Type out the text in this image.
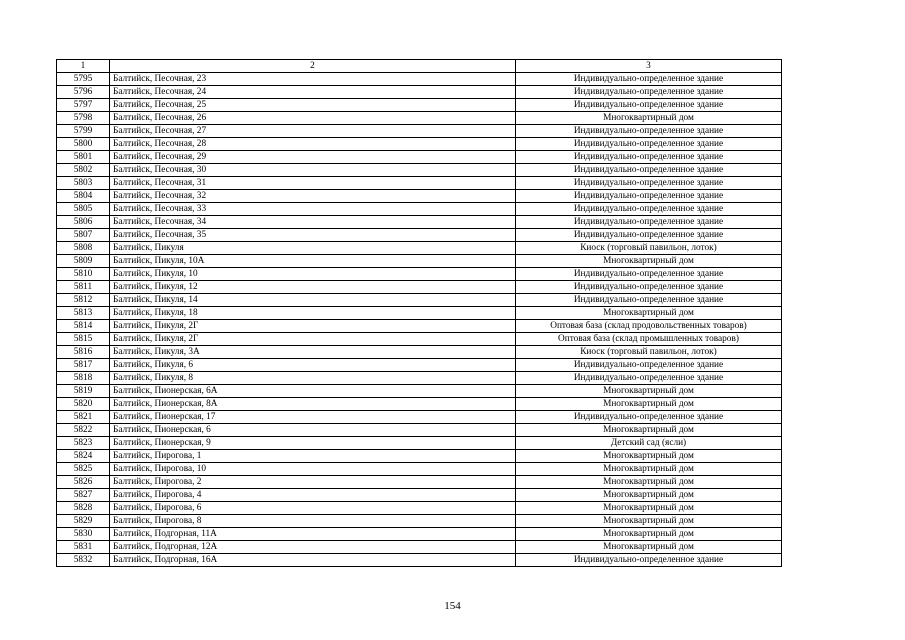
1	2	3
5795	Балтийск, Песочная, 23	Индивидуально-определенное здание
5796	Балтийск, Песочная, 24	Индивидуально-определенное здание
5797	Балтийск, Песочная, 25	Индивидуально-определенное здание
5798	Балтийск, Песочная, 26	Многоквартирный дом
5799	Балтийск, Песочная, 27	Индивидуально-определенное здание
5800	Балтийск, Песочная, 28	Индивидуально-определенное здание
5801	Балтийск, Песочная, 29	Индивидуально-определенное здание
5802	Балтийск, Песочная, 30	Индивидуально-определенное здание
5803	Балтийск, Песочная, 31	Индивидуально-определенное здание
5804	Балтийск, Песочная, 32	Индивидуально-определенное здание
5805	Балтийск, Песочная, 33	Индивидуально-определенное здание
5806	Балтийск, Песочная, 34	Индивидуально-определенное здание
5807	Балтийск, Песочная, 35	Индивидуально-определенное здание
5808	Балтийск, Пикуля	Киоск (торговый павильон, лоток)
5809	Балтийск, Пикуля, 10А	Многоквартирный дом
5810	Балтийск, Пикуля, 10	Индивидуально-определенное здание
5811	Балтийск, Пикуля, 12	Индивидуально-определенное здание
5812	Балтийск, Пикуля, 14	Индивидуально-определенное здание
5813	Балтийск, Пикуля, 18	Многоквартирный дом
5814	Балтийск, Пикуля, 2Г	Оптовая база (склад продовольственных товаров)
5815	Балтийск, Пикуля, 2Г	Оптовая база (склад промышленных товаров)
5816	Балтийск, Пикуля, 3А	Киоск (торговый павильон, лоток)
5817	Балтийск, Пикуля, 6	Индивидуально-определенное здание
5818	Балтийск, Пикуля, 8	Индивидуально-определенное здание
5819	Балтийск, Пионерская, 6А	Многоквартирный дом
5820	Балтийск, Пионерская, 8А	Многоквартирный дом
5821	Балтийск, Пионерская, 17	Индивидуально-определенное здание
5822	Балтийск, Пионерская, 6	Многоквартирный дом
5823	Балтийск, Пионерская, 9	Детский сад (ясли)
5824	Балтийск, Пирогова, 1	Многоквартирный дом
5825	Балтийск, Пирогова, 10	Многоквартирный дом
5826	Балтийск, Пирогова, 2	Многоквартирный дом
5827	Балтийск, Пирогова, 4	Многоквартирный дом
5828	Балтийск, Пирогова, 6	Многоквартирный дом
5829	Балтийск, Пирогова, 8	Многоквартирный дом
5830	Балтийск, Подгорная, 11А	Многоквартирный дом
5831	Балтийск, Подгорная, 12А	Многоквартирный дом
5832	Балтийск, Подгорная, 16А	Индивидуально-определенное здание
154
